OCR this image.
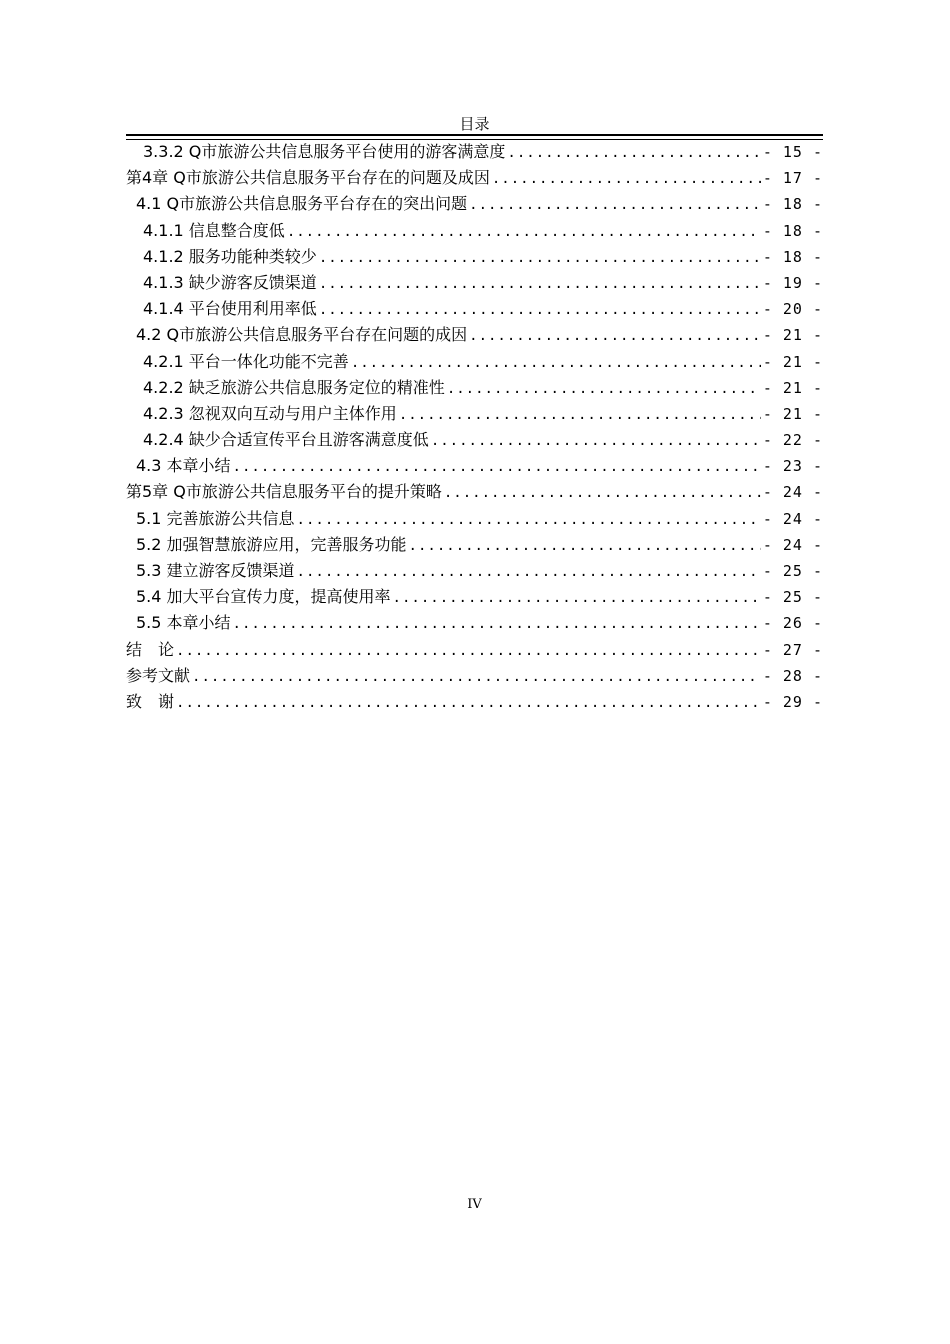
目录
3.3.2 Q市旅游公共信息服务平台使用的游客满意度 .....	- 15 -
第4章 Q市旅游公共信息服务平台存在的问题及成因 .....	- 17 -
4.1 Q市旅游公共信息服务平台存在的突出问题 .....	- 18 -
4.1.1 信息整合度低 .....	- 18 -
4.1.2 服务功能种类较少 .....	- 18 -
4.1.3 缺少游客反馈渠道 .....	- 19 -
4.1.4 平台使用利用率低 .....	- 20 -
4.2 Q市旅游公共信息服务平台存在问题的成因 .....	- 21 -
4.2.1 平台一体化功能不完善 .....	- 21 -
4.2.2 缺乏旅游公共信息服务定位的精准性 .....	- 21 -
4.2.3 忽视双向互动与用户主体作用 .....	- 21 -
4.2.4 缺少合适宣传平台且游客满意度低 .....	- 22 -
4.3 本章小结 .....	- 23 -
第5章 Q市旅游公共信息服务平台的提升策略 .....	- 24 -
5.1 完善旅游公共信息 .....	- 24 -
5.2 加强智慧旅游应用，完善服务功能 .....	- 24 -
5.3 建立游客反馈渠道 .....	- 25 -
5.4 加大平台宣传力度，提高使用率 .....	- 25 -
5.5 本章小结 .....	- 26 -
结　论 .....	- 27 -
参考文献 .....	- 28 -
致　谢 .....	- 29 -
IV
